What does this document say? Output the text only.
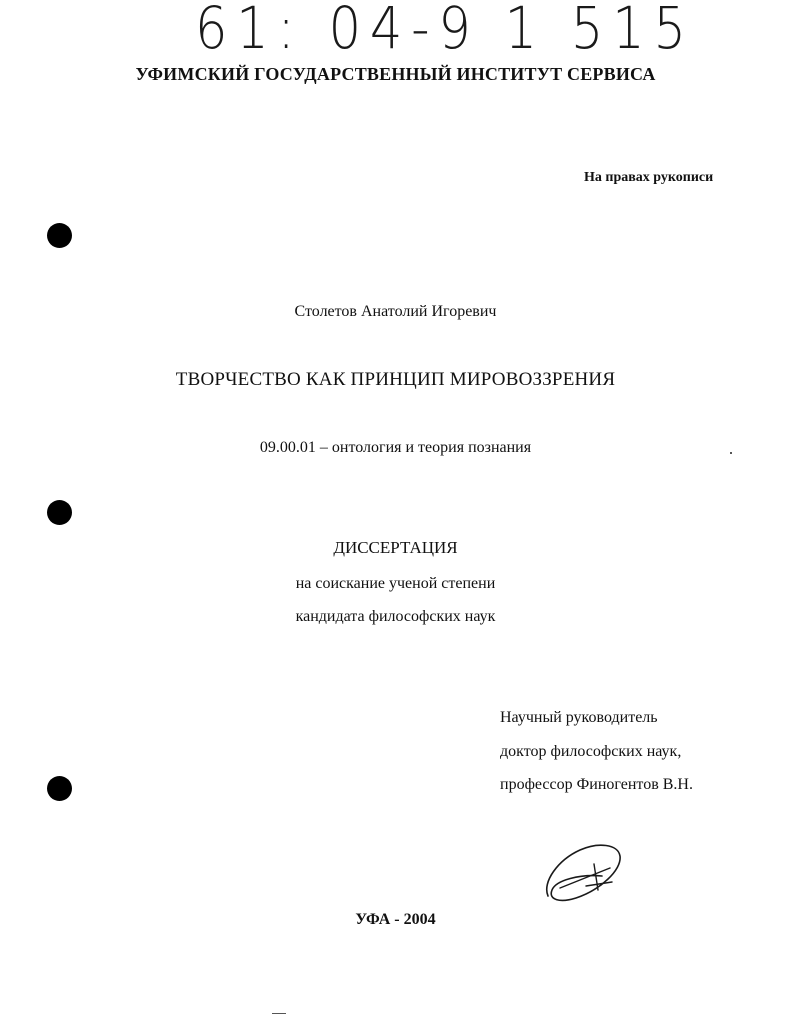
61: 04-9 1 515
УФИМСКИЙ ГОСУДАРСТВЕННЫЙ ИНСТИТУТ СЕРВИСА
На правах рукописи
Столетов Анатолий Игоревич
ТВОРЧЕСТВО КАК ПРИНЦИП МИРОВОЗЗРЕНИЯ
09.00.01 – онтология и теория познания
ДИССЕРТАЦИЯ
на соискание ученой степени
кандидата философских наук
Научный руководитель
доктор философских наук,
профессор Финогентов В.Н.
УФА - 2004
